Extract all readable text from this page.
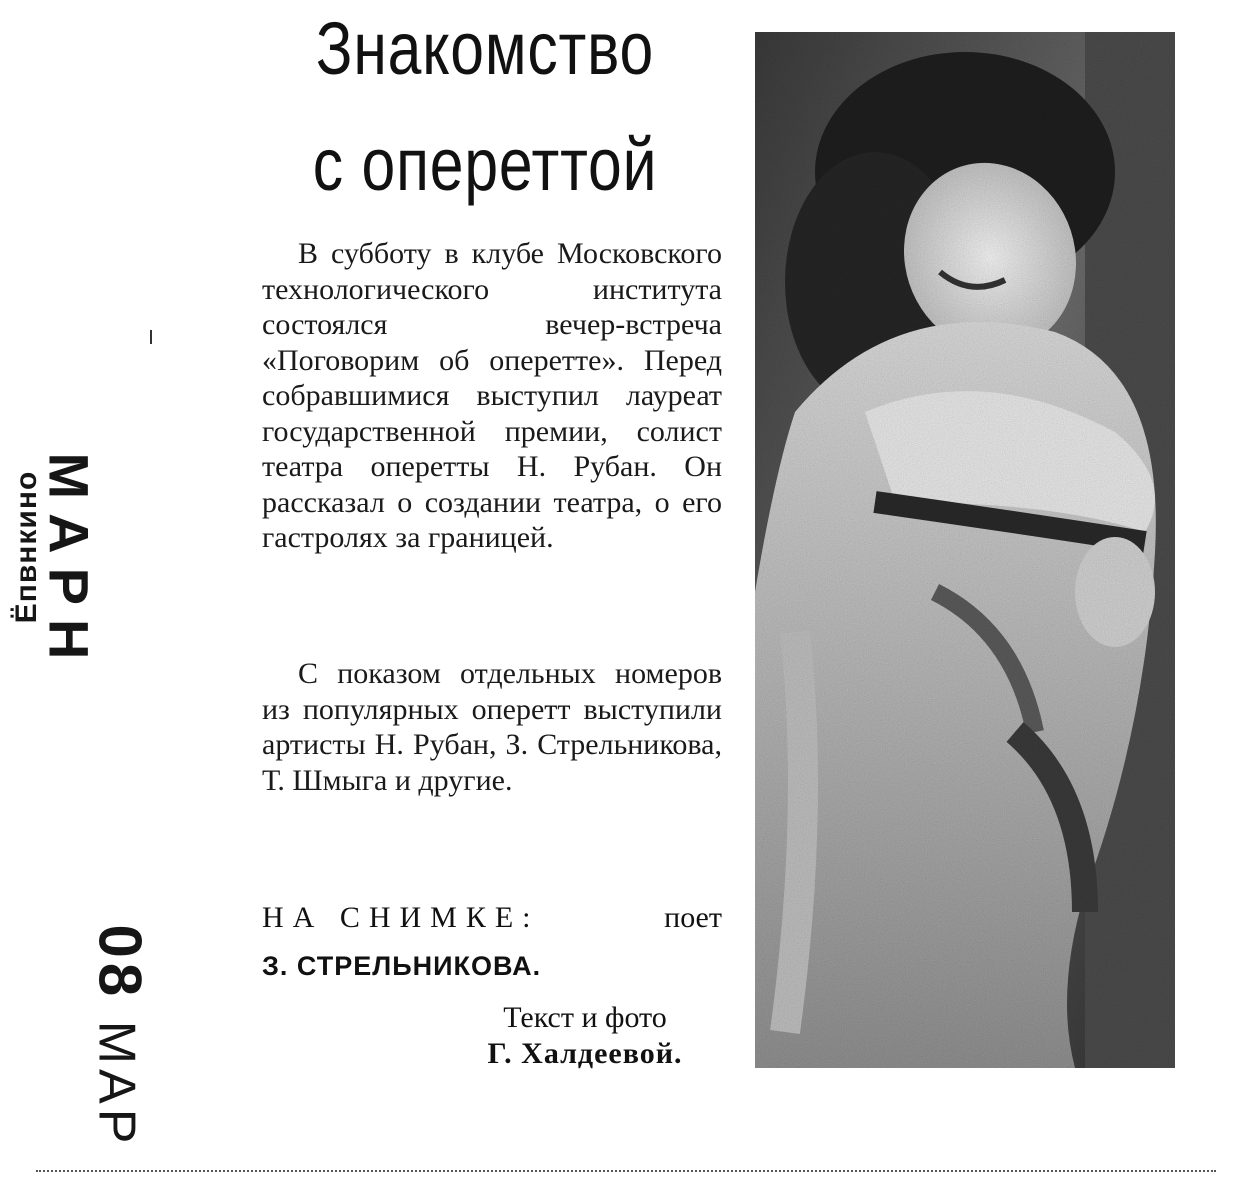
Знакомство
с опереттой

В субботу в клубе Московского технологического института состоялся вечер-встреча «Поговорим об оперетте». Перед собравшимися выступил лауреат государственной премии, солист театра оперетты Н. Рубан. Он рассказал о создании театра, о его гастролях за границей.

С показом отдельных номеров из популярных оперетт выступили артисты Н. Рубан, З. Стрельникова, Т. Шмыга и другие.

НА СНИМКЕ:	поет
З. СТРЕЛЬНИКОВА.
Текст и фото
Г. Халдеевой.
МАРН
Ёпвнкино
08 МАР
